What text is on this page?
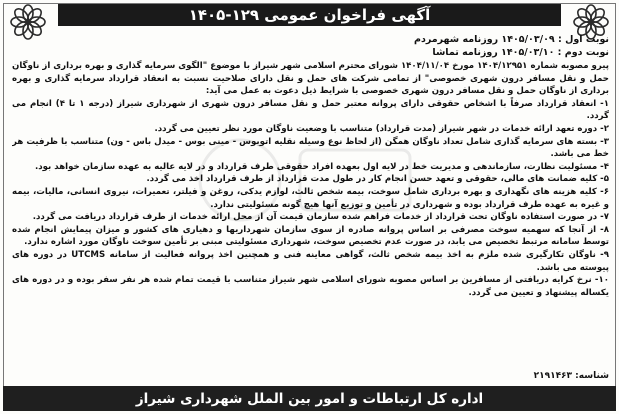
آگهی فراخوان عمومی ۱۲۹-۱۴۰۵
نوبت اول : ۱۴۰۵/۰۳/۰۹ روزنامه شهرمردم
نوبت دوم : ۱۴۰۵/۰۳/۱۰ روزنامه تماشا

پیرو مصوبه شماره ۱۴۰۴/۱۲۹۵۱ مورخ ۱۴۰۴/۱۱/۰۴ شورای محترم اسلامی شهر شیراز با موضوع "الگوی سرمایه گذاری و بهره برداری از ناوگان حمل و نقل مسافر درون شهری خصوصی" از تمامی شرکت های حمل و نقل دارای صلاحیت نسبت به انعقاد قرارداد سرمایه گذاری و بهره برداری از ناوگان حمل و نقل مسافر درون شهری خصوصی با شرایط ذیل دعوت به عمل می آید:

۱- انعقاد قرارداد صرفاً با اشخاص حقوقی دارای پروانه معتبر حمل و نقل مسافر درون شهری از شهرداری شیراز (درجه ۱ تا ۴) انجام می گردد.

۲- دوره تعهد ارائه خدمات در شهر شیراز (مدت قرارداد) متناسب با وضعیت ناوگان مورد نظر تعیین می گردد.

۳- بسته های سرمایه گذاری شامل تعداد ناوگان همگن (از لحاظ نوع وسیله نقلیه اتوبوس - مینی بوس - میدل باس - ون) متناسب با ظرفیت هر خط می باشد.

۴- مسئولیت نظارت، سازماندهی و مدیریت خط در لایه اول بعهده افراد حقوقی طرف قرارداد و در لایه عالیه به عهده سازمان خواهد بود.

۵- کلیه ضمانت های مالی، حقوقی و تعهد حسن انجام کار در طول مدت قرارداد از طرف قرارداد اخذ می گردد.

۶- کلیه هزینه های نگهداری و بهره برداری شامل سوخت، بیمه شخص ثالث، لوازم یدکی، روغن و فیلتر، تعمیرات، نیروی انسانی، مالیات، بیمه و غیره به عهده طرف قرارداد بوده و شهرداری در تأمین و توزیع آنها هیچ گونه مسئولیتی ندارد.

۷- در صورت استفاده ناوگان تحت قرارداد از خدمات فراهم شده سازمان قیمت آن از محل ارائه خدمات از طرف قرارداد دریافت می گردد.

۸- از آنجا که سهمیه سوخت مصرفی بر اساس پروانه صادره از سوی سازمان شهرداریها و دهیاری های کشور و میزان پیمایش انجام شده توسط سامانه مرتبط تخصیص می یابد، در صورت عدم تخصیص سوخت، شهرداری مسئولیتی مبنی بر تأمین سوخت ناوگان مورد اشاره ندارد.

۹- ناوگان تکارگیری شده ملزم به اخذ بیمه شخص ثالث، گواهی معاینه فنی و همچنین اخذ پروانه فعالیت از سامانه UTCMS در دوره های پیوسته می باشد.

۱۰- نرخ کرایه دریافتی از مسافرین بر اساس مصوبه شورای اسلامی شهر شیراز متناسب با قیمت تمام شده هر نفر سفر بوده و در دوره های یکساله پیشنهاد و تعیین می گردد.

شناسه: ۲۱۹۱۴۶۳
اداره کل ارتباطات و امور بین الملل شهرداری شیراز
